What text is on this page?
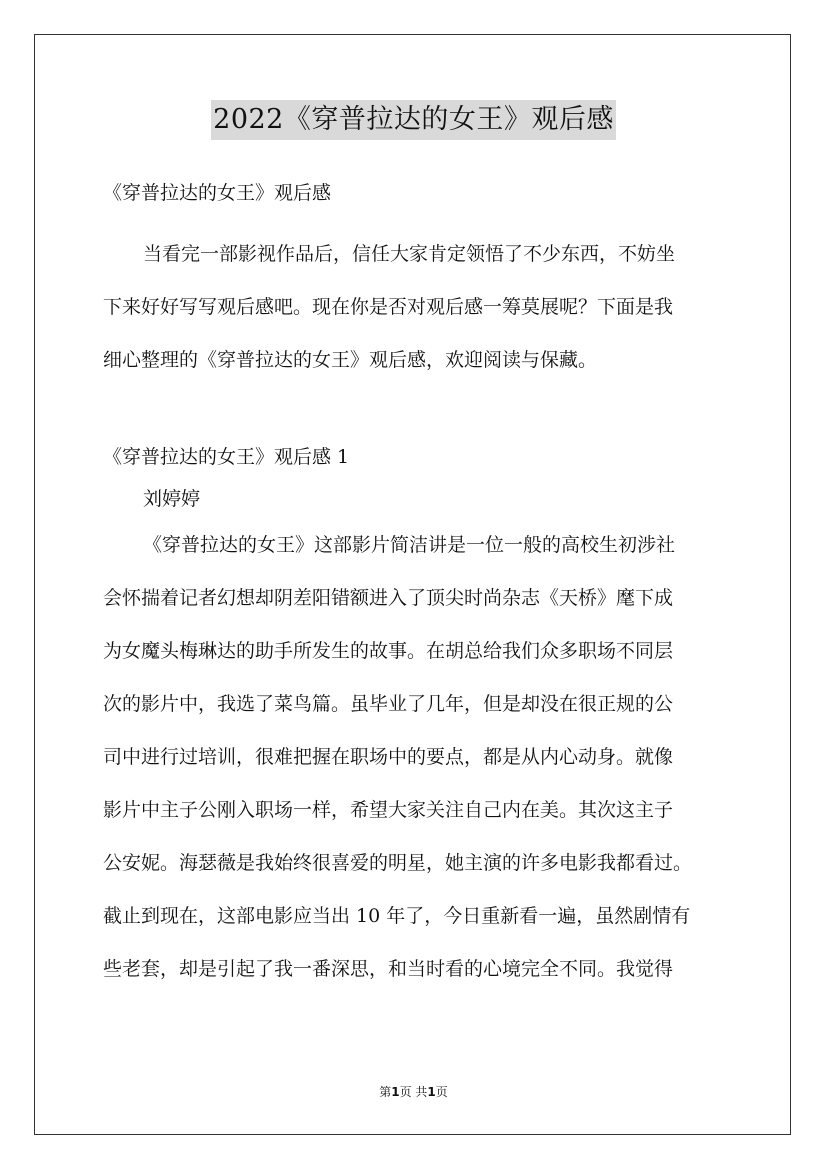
2022《穿普拉达的女王》观后感
《穿普拉达的女王》观后感
当看完一部影视作品后，信任大家肯定领悟了不少东西，不妨坐
下来好好写写观后感吧。现在你是否对观后感一筹莫展呢？下面是我
细心整理的《穿普拉达的女王》观后感，欢迎阅读与保藏。
《穿普拉达的女王》观后感 1
刘婷婷
《穿普拉达的女王》这部影片简洁讲是一位一般的高校生初涉社
会怀揣着记者幻想却阴差阳错额进入了顶尖时尚杂志《天桥》麾下成
为女魔头梅琳达的助手所发生的故事。在胡总给我们众多职场不同层
次的影片中，我选了菜鸟篇。虽毕业了几年，但是却没在很正规的公
司中进行过培训，很难把握在职场中的要点，都是从内心动身。就像
影片中主子公刚入职场一样，希望大家关注自己内在美。其次这主子
公安妮。海瑟薇是我始终很喜爱的明星，她主演的许多电影我都看过。
截止到现在，这部电影应当出 10 年了，今日重新看一遍，虽然剧情有
些老套，却是引起了我一番深思，和当时看的心境完全不同。我觉得
第1页 共1页
